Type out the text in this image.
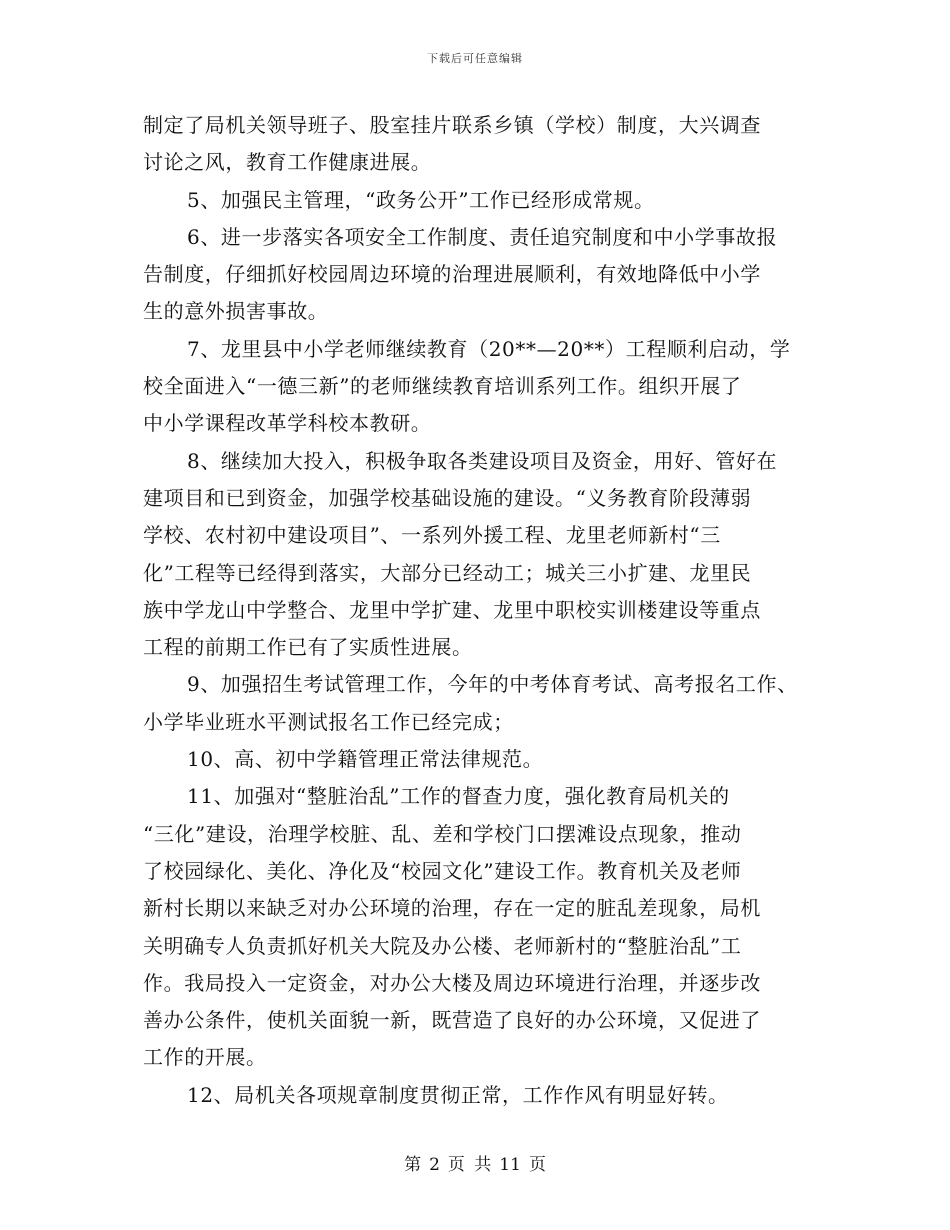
下载后可任意编辑
制定了局机关领导班子、股室挂片联系乡镇（学校）制度，大兴调查
讨论之风，教育工作健康进展。
5、加强民主管理，“政务公开”工作已经形成常规。
6、进一步落实各项安全工作制度、责任追究制度和中小学事故报
告制度，仔细抓好校园周边环境的治理进展顺利，有效地降低中小学
生的意外损害事故。
7、龙里县中小学老师继续教育（20**—20**）工程顺利启动，学
校全面进入“一德三新”的老师继续教育培训系列工作。组织开展了
中小学课程改革学科校本教研。
8、继续加大投入，积极争取各类建设项目及资金，用好、管好在
建项目和已到资金，加强学校基础设施的建设。“义务教育阶段薄弱
学校、农村初中建设项目”、一系列外援工程、龙里老师新村“三
化”工程等已经得到落实，大部分已经动工；城关三小扩建、龙里民
族中学龙山中学整合、龙里中学扩建、龙里中职校实训楼建设等重点
工程的前期工作已有了实质性进展。
9、加强招生考试管理工作，今年的中考体育考试、高考报名工作、
小学毕业班水平测试报名工作已经完成；
10、高、初中学籍管理正常法律规范。
11、加强对“整脏治乱”工作的督查力度，强化教育局机关的
“三化”建设，治理学校脏、乱、差和学校门口摆滩设点现象，推动
了校园绿化、美化、净化及“校园文化”建设工作。教育机关及老师
新村长期以来缺乏对办公环境的治理，存在一定的脏乱差现象，局机
关明确专人负责抓好机关大院及办公楼、老师新村的“整脏治乱”工
作。我局投入一定资金，对办公大楼及周边环境进行治理，并逐步改
善办公条件，使机关面貌一新，既营造了良好的办公环境，又促进了
工作的开展。
12、局机关各项规章制度贯彻正常，工作作风有明显好转。
第 2 页 共 11 页
